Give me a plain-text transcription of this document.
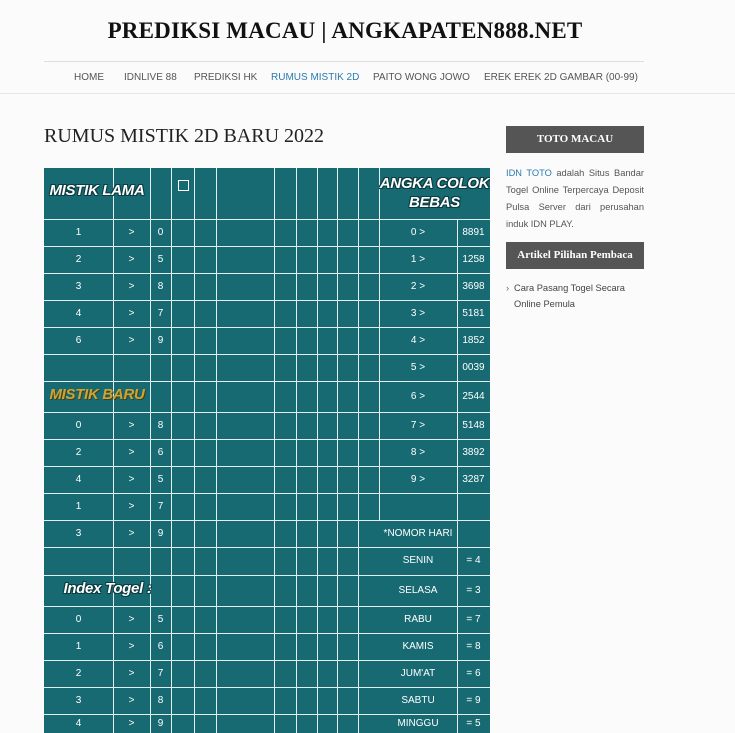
PREDIKSI MACAU | ANGKAPATEN888.NET
HOME IDNLIVE 88 PREDIKSI HK RUMUS MISTIK 2D PAITO WONG JOWO EREK EREK 2D GAMBAR (00-99)
RUMUS MISTIK 2D BARU 2022
MISTIK LAMA	ANGKA COLOK BEBAS
MISTIK BARU
Index Togel :
1	>	0
2	>	5
3	>	8
4	>	7
6	>	9
0	>	8
2	>	6
4	>	5
1	>	7
3	>	9
0	>	5
1	>	6
2	>	7
3	>	8
4	>	9
0 >	8891
1 >	1258
2 >	3698
3 >	5181
4 >	1852
5 >	0039
6 >	2544
7 >	5148
8 >	3892
9 >	3287
*NOMOR HARI
SENIN	= 4
SELASA	= 3
RABU	= 7
KAMIS	= 8
JUM'AT	= 6
SABTU	= 9
MINGGU	= 5
TOTO MACAU
IDN TOTO adalah Situs Bandar Togel Online Terpercaya Deposit Pulsa Server dari perusahan induk IDN PLAY.
Artikel Pilihan Pembaca
› Cara Pasang Togel Secara Online Pemula
